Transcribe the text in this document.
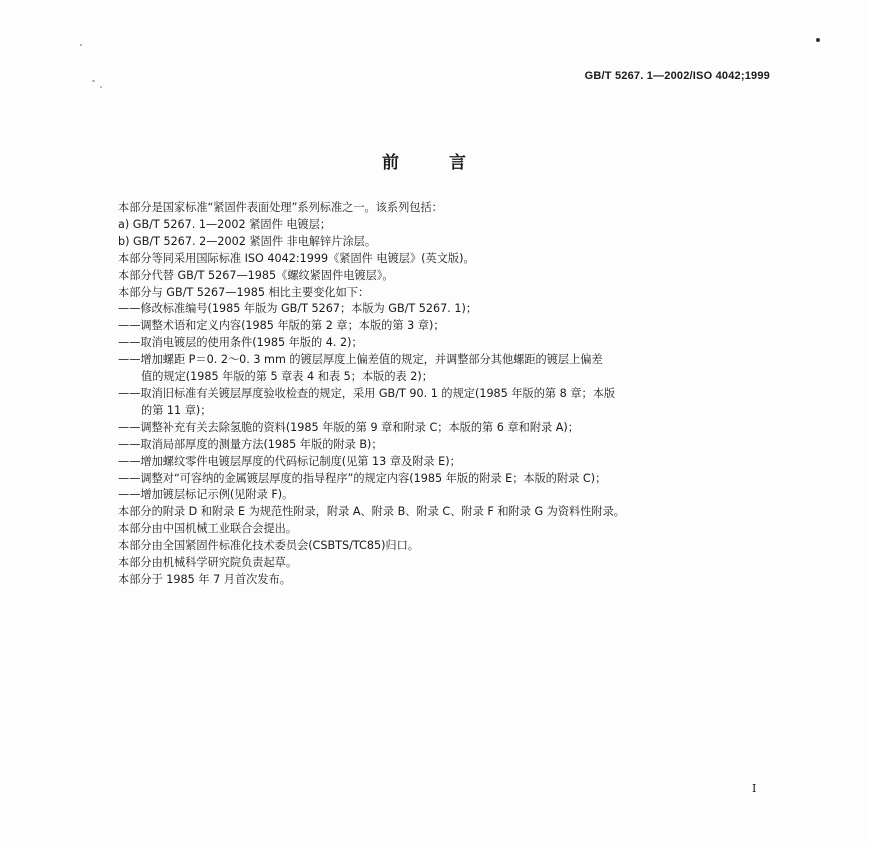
GB/T 5267. 1—2002/ISO 4042;1999
前 言
本部分是国家标准“紧固件表面处理”系列标准之一。该系列包括：
a) GB/T 5267. 1—2002 紧固件 电镀层；
b) GB/T 5267. 2—2002 紧固件 非电解锌片涂层。
本部分等同采用国际标准 ISO 4042:1999《紧固件 电镀层》(英文版)。
本部分代替 GB/T 5267—1985《螺纹紧固件电镀层》。
本部分与 GB/T 5267—1985 相比主要变化如下：
——修改标准编号(1985 年版为 GB/T 5267；本版为 GB/T 5267. 1)；
——调整术语和定义内容(1985 年版的第 2 章；本版的第 3 章)；
——取消电镀层的使用条件(1985 年版的 4. 2)；
——增加螺距 P＝0. 2～0. 3 mm 的镀层厚度上偏差值的规定，并调整部分其他螺距的镀层上偏差
值的规定(1985 年版的第 5 章表 4 和表 5；本版的表 2)；
——取消旧标准有关镀层厚度验收检查的规定，采用 GB/T 90. 1 的规定(1985 年版的第 8 章；本版
的第 11 章)；
——调整补充有关去除氢脆的资料(1985 年版的第 9 章和附录 C；本版的第 6 章和附录 A)；
——取消局部厚度的测量方法(1985 年版的附录 B)；
——增加螺纹零件电镀层厚度的代码标记制度(见第 13 章及附录 E)；
——调整对“可容纳的金属镀层厚度的指导程序”的规定内容(1985 年版的附录 E；本版的附录 C)；
——增加镀层标记示例(见附录 F)。
本部分的附录 D 和附录 E 为规范性附录，附录 A、附录 B、附录 C、附录 F 和附录 G 为资料性附录。
本部分由中国机械工业联合会提出。
本部分由全国紧固件标准化技术委员会(CSBTS/TC85)归口。
本部分由机械科学研究院负责起草。
本部分于 1985 年 7 月首次发布。
I
